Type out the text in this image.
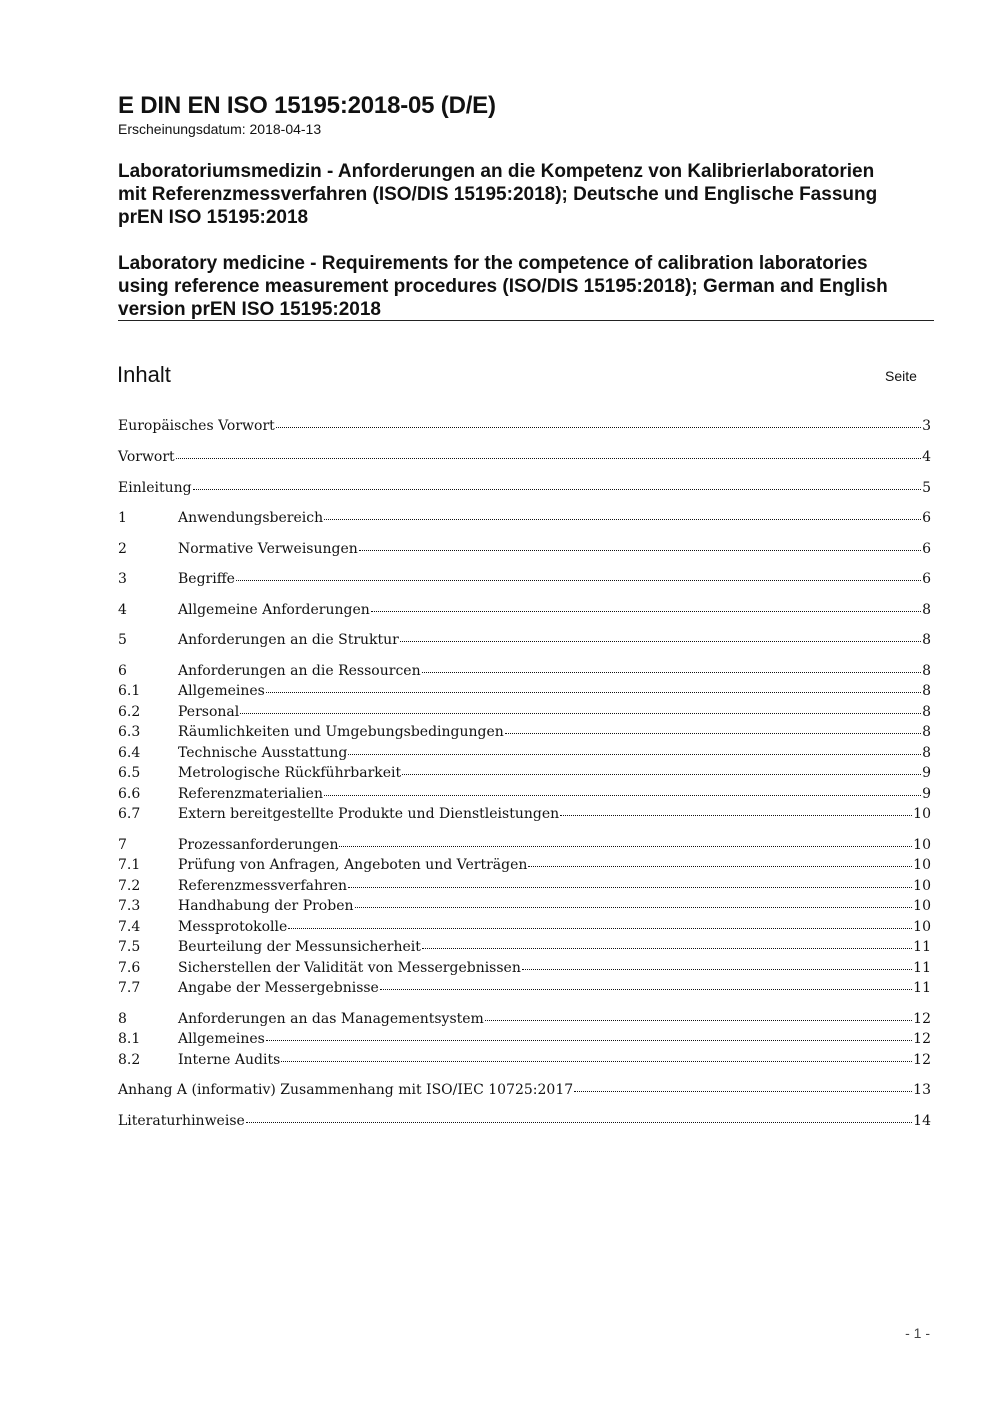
E DIN EN ISO 15195:2018-05 (D/E)
Erscheinungsdatum: 2018-04-13
Laboratoriumsmedizin - Anforderungen an die Kompetenz von Kalibrierlaboratorien
mit Referenzmessverfahren (ISO/DIS 15195:2018); Deutsche und Englische Fassung
prEN ISO 15195:2018
Laboratory medicine - Requirements for the competence of calibration laboratories
using reference measurement procedures (ISO/DIS 15195:2018); German and English
version prEN ISO 15195:2018
Inhalt	Seite
Europäisches Vorwort	3
Vorwort	4
Einleitung	5
1	Anwendungsbereich	6
2	Normative Verweisungen	6
3	Begriffe	6
4	Allgemeine Anforderungen	8
5	Anforderungen an die Struktur	8
6	Anforderungen an die Ressourcen	8
6.1	Allgemeines	8
6.2	Personal	8
6.3	Räumlichkeiten und Umgebungsbedingungen	8
6.4	Technische Ausstattung	8
6.5	Metrologische Rückführbarkeit	9
6.6	Referenzmaterialien	9
6.7	Extern bereitgestellte Produkte und Dienstleistungen	10
7	Prozessanforderungen	10
7.1	Prüfung von Anfragen, Angeboten und Verträgen	10
7.2	Referenzmessverfahren	10
7.3	Handhabung der Proben	10
7.4	Messprotokolle	10
7.5	Beurteilung der Messunsicherheit	11
7.6	Sicherstellen der Validität von Messergebnissen	11
7.7	Angabe der Messergebnisse	11
8	Anforderungen an das Managementsystem	12
8.1	Allgemeines	12
8.2	Interne Audits	12
Anhang A (informativ) Zusammenhang mit ISO/IEC 10725:2017	13
Literaturhinweise	14
- 1 -
